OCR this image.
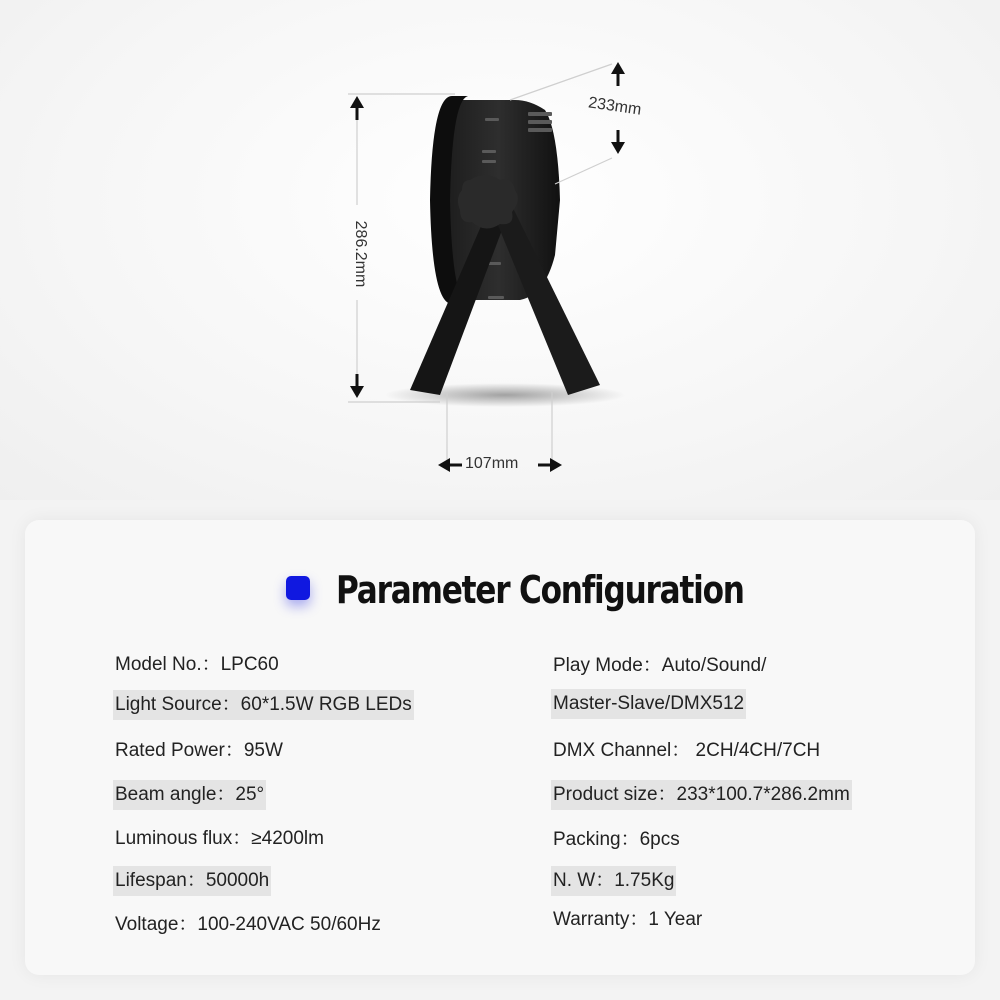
286.2mm
233mm
107mm
Parameter Configuration
Model No.：LPC60
Light Source：60*1.5W RGB LEDs
Rated Power：95W
Beam angle：25°
Luminous flux：≥4200lm
Lifespan：50000h
Voltage：100-240VAC 50/60Hz
Play Mode：Auto/Sound/
Master-Slave/DMX512
DMX Channel： 2CH/4CH/7CH
Product size：233*100.7*286.2mm
Packing：6pcs
N. W：1.75Kg
Warranty：1 Year
